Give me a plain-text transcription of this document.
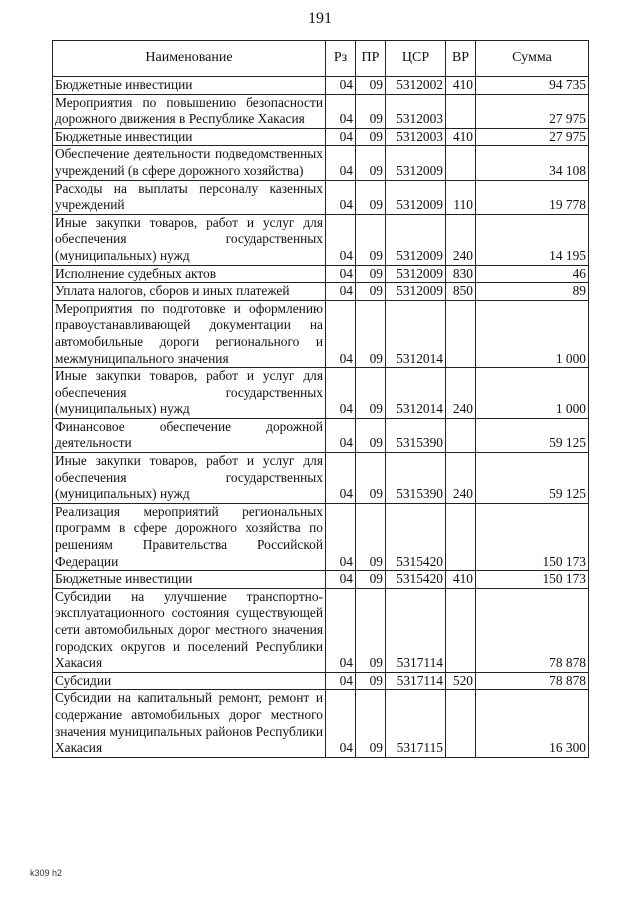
191
Наименование	Рз	ПР	ЦСР	ВР	Сумма
Бюджетные инвестиции	04	09	5312002	410	94 735
Мероприятия по повышению безопасности дорожного движения в Республике Хакасия	04	09	5312003		27 975
Бюджетные инвестиции	04	09	5312003	410	27 975
Обеспечение деятельности подведомственных учреждений (в сфере дорожного хозяйства)	04	09	5312009		34 108
Расходы на выплаты персоналу казенных учреждений	04	09	5312009	110	19 778
Иные закупки товаров, работ и услуг для обеспечения государственных (муниципальных) нужд	04	09	5312009	240	14 195
Исполнение судебных актов	04	09	5312009	830	46
Уплата налогов, сборов и иных платежей	04	09	5312009	850	89
Мероприятия по подготовке и оформлению правоустанавливающей документации на автомобильные дороги регионального и межмуниципального значения	04	09	5312014		1 000
Иные закупки товаров, работ и услуг для обеспечения государственных (муниципальных) нужд	04	09	5312014	240	1 000
Финансовое обеспечение дорожной деятельности	04	09	5315390		59 125
Иные закупки товаров, работ и услуг для обеспечения государственных (муниципальных) нужд	04	09	5315390	240	59 125
Реализация мероприятий региональных программ в сфере дорожного хозяйства по решениям Правительства Российской Федерации	04	09	5315420		150 173
Бюджетные инвестиции	04	09	5315420	410	150 173
Субсидии на улучшение транспортно-эксплуатационного состояния существующей сети автомобильных дорог местного значения городских округов и поселений Республики Хакасия	04	09	5317114		78 878
Субсидии	04	09	5317114	520	78 878
Субсидии на капитальный ремонт, ремонт и содержание автомобильных дорог местного значения муниципальных районов Республики Хакасия	04	09	5317115		16 300
k309 h2
